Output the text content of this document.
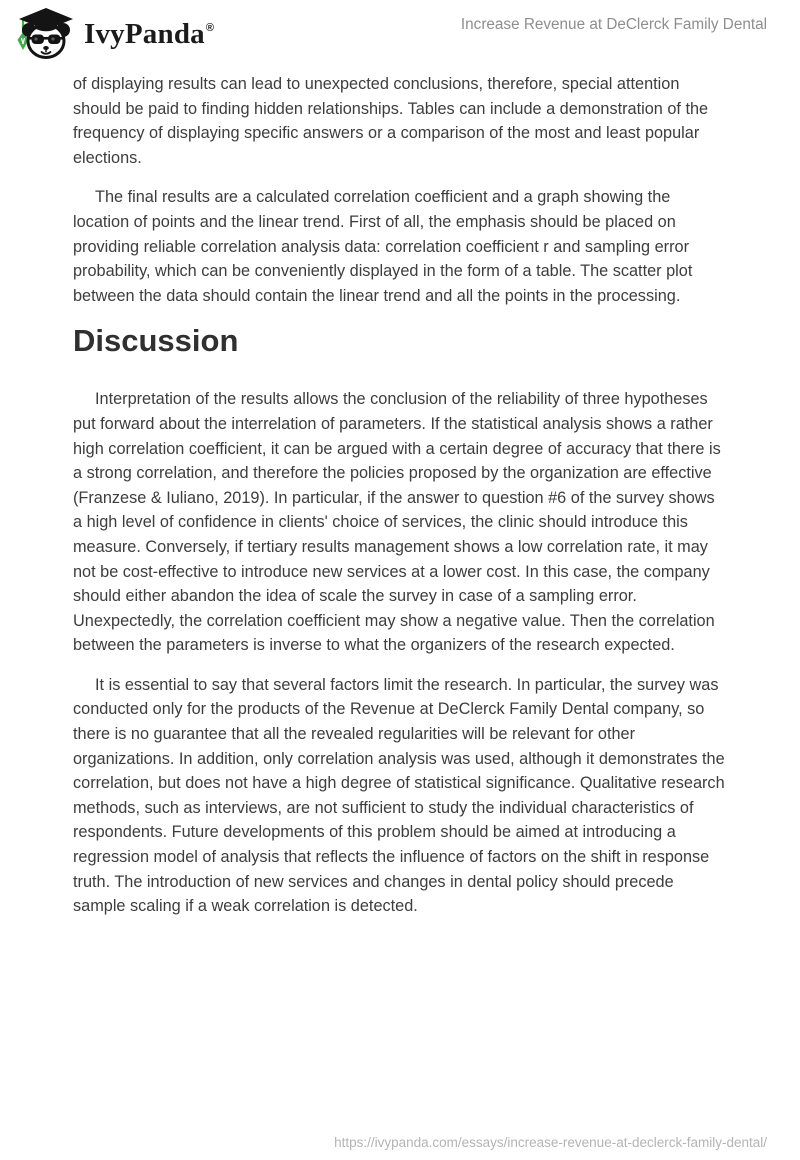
IvyPanda ®	Increase Revenue at DeClerck Family Dental

of displaying results can lead to unexpected conclusions, therefore, special attention should be paid to finding hidden relationships. Tables can include a demonstration of the frequency of displaying specific answers or a comparison of the most and least popular elections.

The final results are a calculated correlation coefficient and a graph showing the location of points and the linear trend. First of all, the emphasis should be placed on providing reliable correlation analysis data: correlation coefficient r and sampling error probability, which can be conveniently displayed in the form of a table. The scatter plot between the data should contain the linear trend and all the points in the processing.

Discussion

Interpretation of the results allows the conclusion of the reliability of three hypotheses put forward about the interrelation of parameters. If the statistical analysis shows a rather high correlation coefficient, it can be argued with a certain degree of accuracy that there is a strong correlation, and therefore the policies proposed by the organization are effective (Franzese & Iuliano, 2019). In particular, if the answer to question #6 of the survey shows a high level of confidence in clients' choice of services, the clinic should introduce this measure. Conversely, if tertiary results management shows a low correlation rate, it may not be cost-effective to introduce new services at a lower cost. In this case, the company should either abandon the idea of scale the survey in case of a sampling error. Unexpectedly, the correlation coefficient may show a negative value. Then the correlation between the parameters is inverse to what the organizers of the research expected.

It is essential to say that several factors limit the research. In particular, the survey was conducted only for the products of the Revenue at DeClerck Family Dental company, so there is no guarantee that all the revealed regularities will be relevant for other organizations. In addition, only correlation analysis was used, although it demonstrates the correlation, but does not have a high degree of statistical significance. Qualitative research methods, such as interviews, are not sufficient to study the individual characteristics of respondents. Future developments of this problem should be aimed at introducing a regression model of analysis that reflects the influence of factors on the shift in response truth. The introduction of new services and changes in dental policy should precede sample scaling if a weak correlation is detected.

https://ivypanda.com/essays/increase-revenue-at-declerck-family-dental/
